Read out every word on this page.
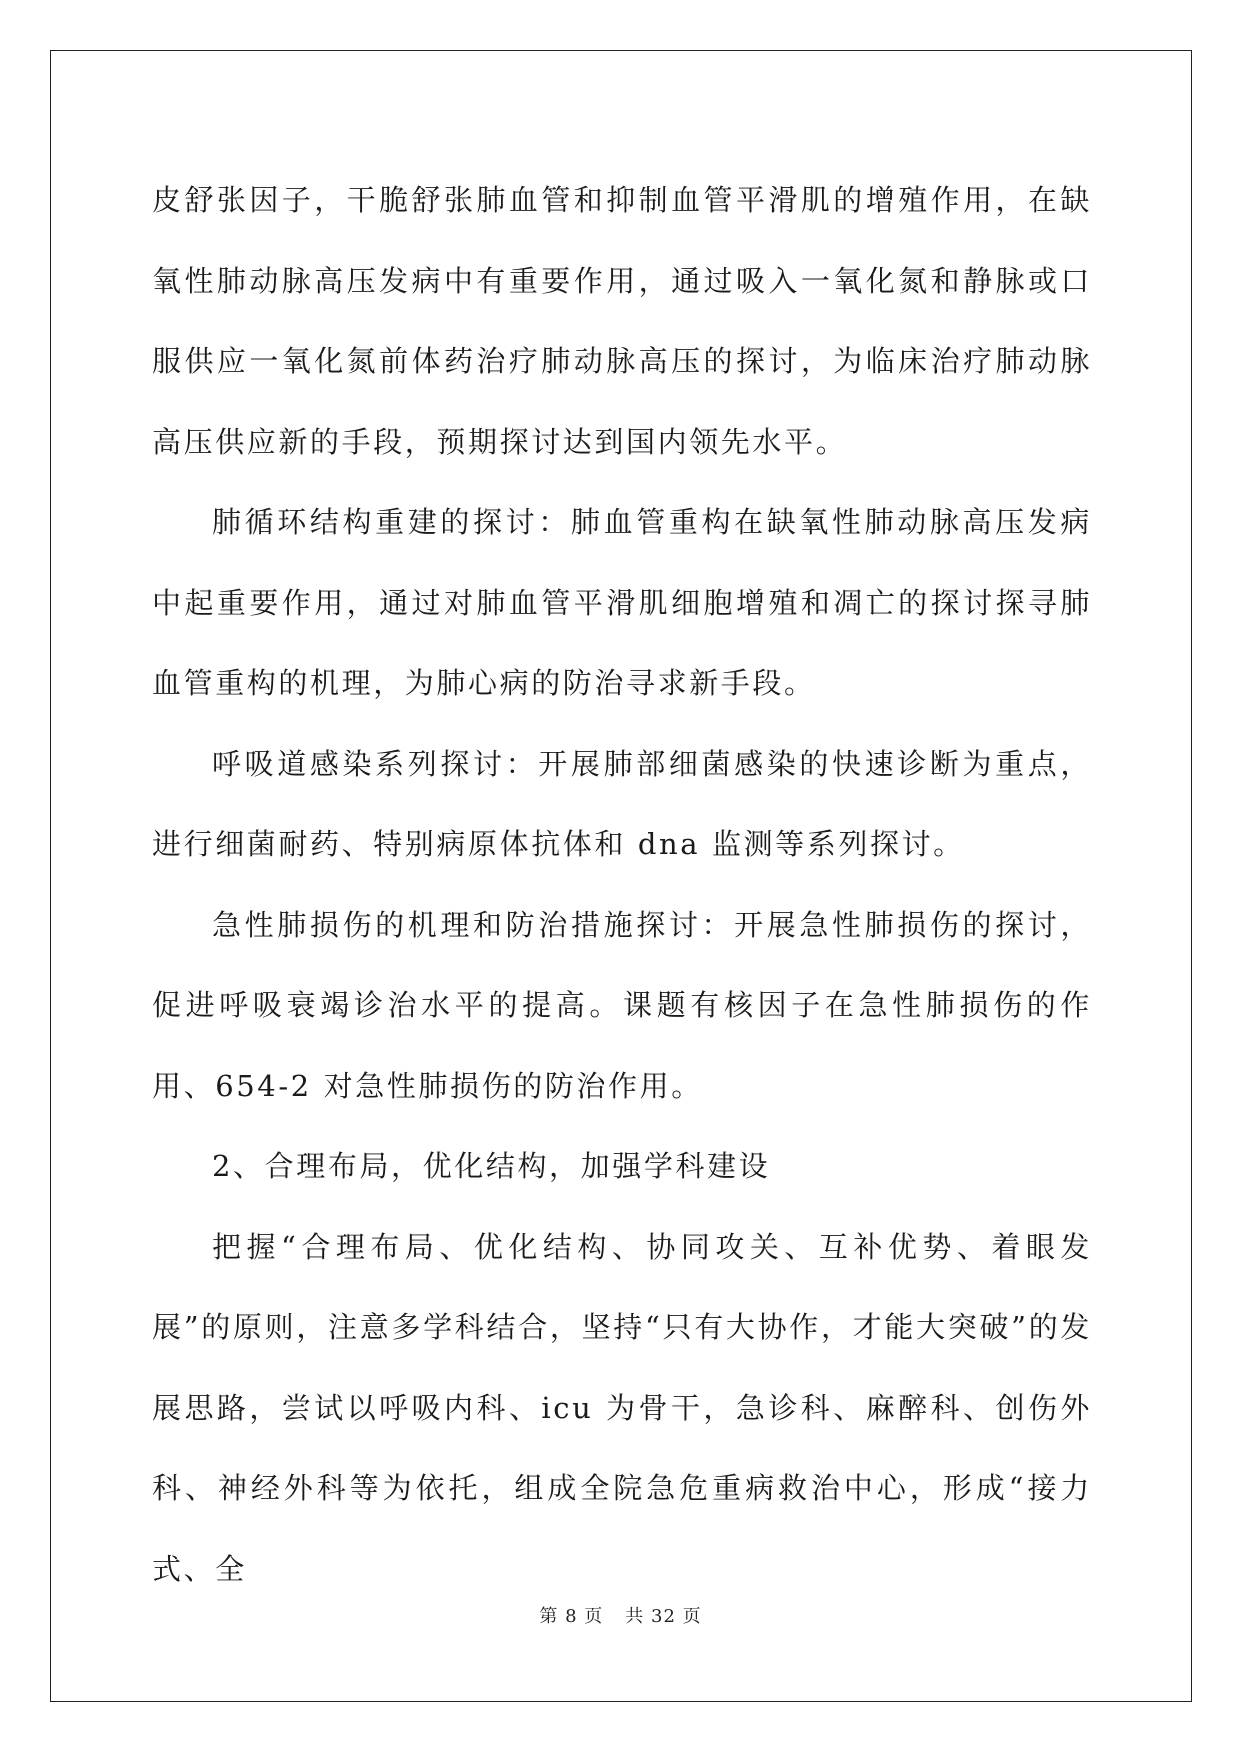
皮舒张因子，干脆舒张肺血管和抑制血管平滑肌的增殖作用，在缺氧性肺动脉高压发病中有重要作用，通过吸入一氧化氮和静脉或口服供应一氧化氮前体药治疗肺动脉高压的探讨，为临床治疗肺动脉高压供应新的手段，预期探讨达到国内领先水平。

肺循环结构重建的探讨：肺血管重构在缺氧性肺动脉高压发病中起重要作用，通过对肺血管平滑肌细胞增殖和凋亡的探讨探寻肺血管重构的机理，为肺心病的防治寻求新手段。

呼吸道感染系列探讨：开展肺部细菌感染的快速诊断为重点，进行细菌耐药、特别病原体抗体和 dna 监测等系列探讨。

急性肺损伤的机理和防治措施探讨：开展急性肺损伤的探讨，促进呼吸衰竭诊治水平的提高。课题有核因子在急性肺损伤的作用、654-2 对急性肺损伤的防治作用。

2、合理布局，优化结构，加强学科建设

把握“合理布局、优化结构、协同攻关、互补优势、着眼发展”的原则，注意多学科结合，坚持“只有大协作，才能大突破”的发展思路，尝试以呼吸内科、icu 为骨干，急诊科、麻醉科、创伤外科、神经外科等为依托，组成全院急危重病救治中心，形成“接力式、全

第 8 页 共 32 页
